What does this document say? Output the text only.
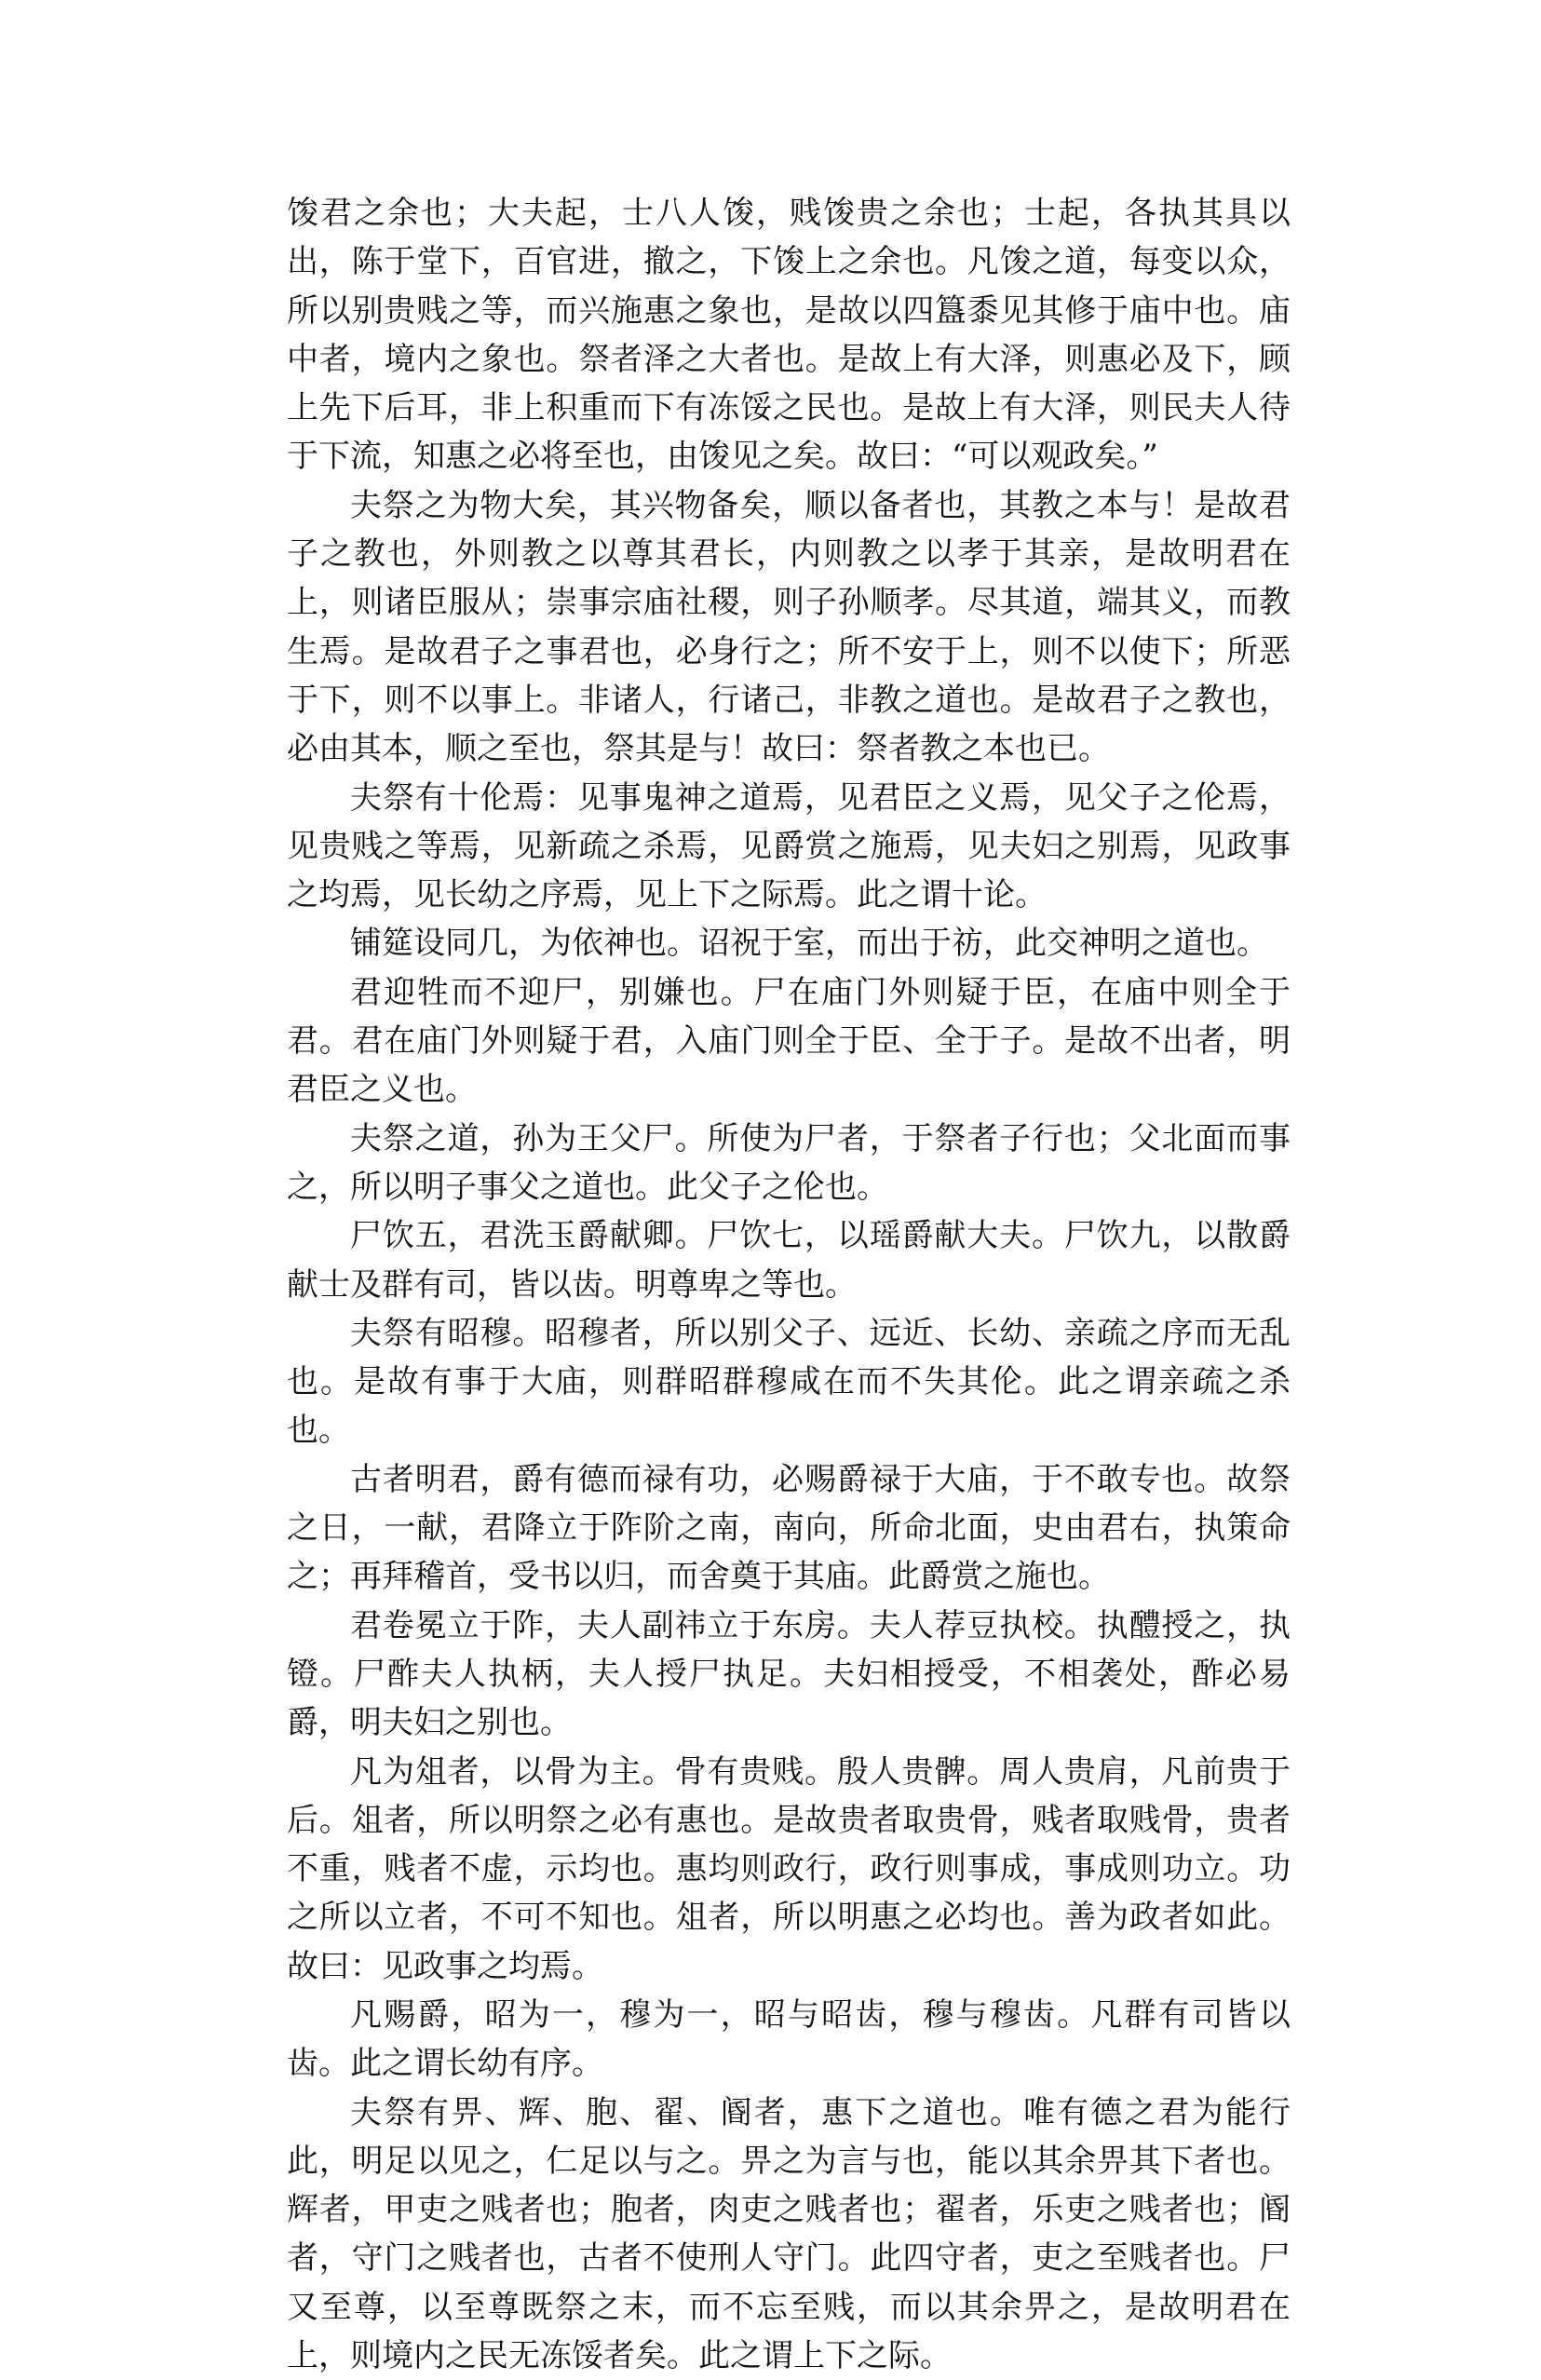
馂君之余也；大夫起，士八人馂，贱馂贵之余也；士起，各执其具以出，陈于堂下，百官进，撤之，下馂上之余也。凡馂之道，每变以众，所以别贵贱之等，而兴施惠之象也，是故以四簋黍见其修于庙中也。庙中者，境内之象也。祭者泽之大者也。是故上有大泽，则惠必及下，顾上先下后耳，非上积重而下有冻馁之民也。是故上有大泽，则民夫人待于下流，知惠之必将至也，由馂见之矣。故曰：“可以观政矣。”

夫祭之为物大矣，其兴物备矣，顺以备者也，其教之本与！是故君子之教也，外则教之以尊其君长，内则教之以孝于其亲，是故明君在上，则诸臣服从；崇事宗庙社稷，则子孙顺孝。尽其道，端其义，而教生焉。是故君子之事君也，必身行之；所不安于上，则不以使下；所恶于下，则不以事上。非诸人，行诸己，非教之道也。是故君子之教也，必由其本，顺之至也，祭其是与！故曰：祭者教之本也已。

夫祭有十伦焉：见事鬼神之道焉，见君臣之义焉，见父子之伦焉，见贵贱之等焉，见新疏之杀焉，见爵赏之施焉，见夫妇之别焉，见政事之均焉，见长幼之序焉，见上下之际焉。此之谓十论。

铺筵设同几，为依神也。诏祝于室，而出于祊，此交神明之道也。

君迎牲而不迎尸，别嫌也。尸在庙门外则疑于臣，在庙中则全于君。君在庙门外则疑于君，入庙门则全于臣、全于子。是故不出者，明君臣之义也。

夫祭之道，孙为王父尸。所使为尸者，于祭者子行也；父北面而事之，所以明子事父之道也。此父子之伦也。

尸饮五，君洗玉爵献卿。尸饮七，以瑶爵献大夫。尸饮九，以散爵献士及群有司，皆以齿。明尊卑之等也。

夫祭有昭穆。昭穆者，所以别父子、远近、长幼、亲疏之序而无乱也。是故有事于大庙，则群昭群穆咸在而不失其伦。此之谓亲疏之杀也。

古者明君，爵有德而禄有功，必赐爵禄于大庙，于不敢专也。故祭之日，一献，君降立于阼阶之南，南向，所命北面，史由君右，执策命之；再拜稽首，受书以归，而舍奠于其庙。此爵赏之施也。

君卷冕立于阼，夫人副祎立于东房。夫人荐豆执校。执醴授之，执镫。尸酢夫人执柄，夫人授尸执足。夫妇相授受，不相袭处，酢必易爵，明夫妇之别也。

凡为俎者，以骨为主。骨有贵贱。殷人贵髀。周人贵肩，凡前贵于后。俎者，所以明祭之必有惠也。是故贵者取贵骨，贱者取贱骨，贵者不重，贱者不虚，示均也。惠均则政行，政行则事成，事成则功立。功之所以立者，不可不知也。俎者，所以明惠之必均也。善为政者如此。故曰：见政事之均焉。

凡赐爵，昭为一，穆为一，昭与昭齿，穆与穆齿。凡群有司皆以齿。此之谓长幼有序。

夫祭有畀、辉、胞、翟、阍者，惠下之道也。唯有德之君为能行此，明足以见之，仁足以与之。畀之为言与也，能以其余畀其下者也。辉者，甲吏之贱者也；胞者，肉吏之贱者也；翟者，乐吏之贱者也；阍者，守门之贱者也，古者不使刑人守门。此四守者，吏之至贱者也。尸又至尊，以至尊既祭之末，而不忘至贱，而以其余畀之，是故明君在上，则境内之民无冻馁者矣。此之谓上下之际。
